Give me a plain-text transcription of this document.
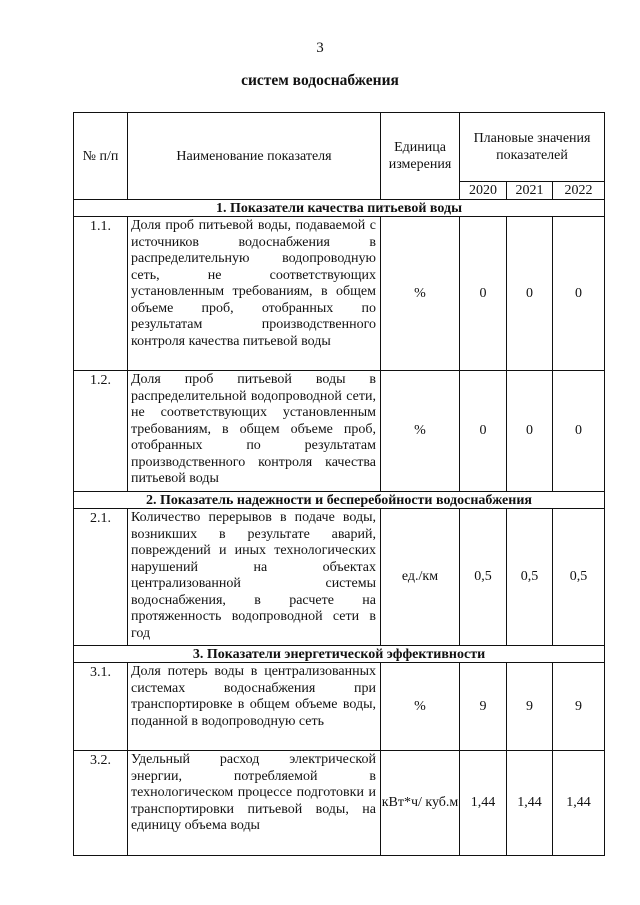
3
систем водоснабжения
№ п/п	Наименование показателя	Единица измерения	Плановые значения показателей		
			2020	2021	2022
1. Показатели качества питьевой воды					
1.1.	Доля проб питьевой воды, подаваемой с источников водоснабжения в распределительную водопроводную сеть, не соответствующих установленным требованиям, в общем объеме проб, отобранных по результатам производственного контроля качества питьевой воды	%	0	0	0
1.2.	Доля проб питьевой воды в распределительной водопроводной сети, не соответствующих установленным требованиям, в общем объеме проб, отобранных по результатам производственного контроля качества питьевой воды	%	0	0	0
2. Показатель надежности и бесперебойности водоснабжения					
2.1.	Количество перерывов в подаче воды, возникших в результате аварий, повреждений и иных технологических нарушений на объектах централизованной системы водоснабжения, в расчете на протяженность водопроводной сети в год	ед./км	0,5	0,5	0,5
3. Показатели энергетической эффективности					
3.1.	Доля потерь воды в централизованных системах водоснабжения при транспортировке в общем объеме воды, поданной в водопроводную сеть	%	9	9	9
3.2.	Удельный расход электрической энергии, потребляемой в технологическом процессе подготовки и транспортировки питьевой воды, на единицу объема воды	кВт*ч/ куб.м	1,44	1,44	1,44
